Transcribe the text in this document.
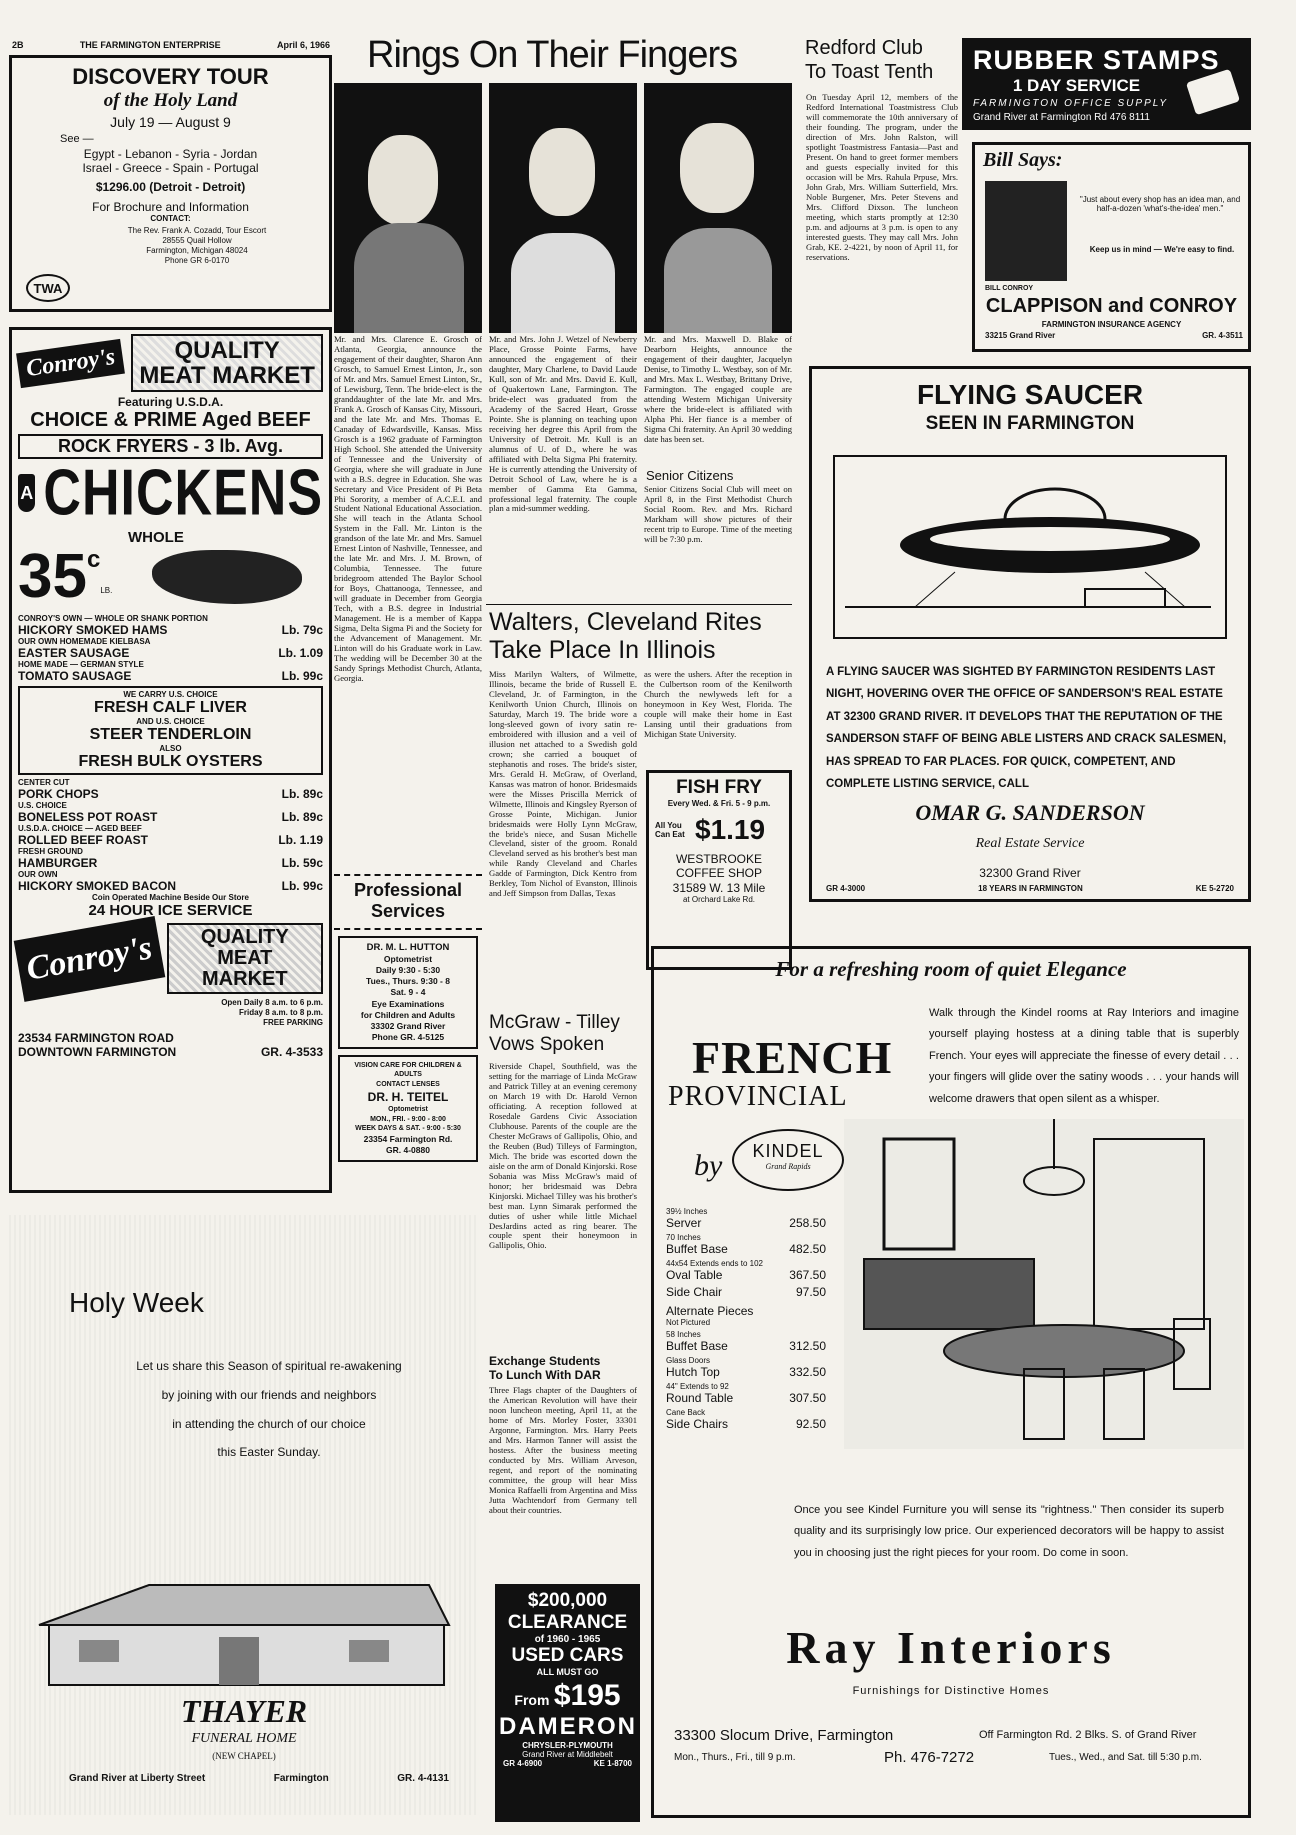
2B	THE FARMINGTON ENTERPRISE	April 6, 1966
DISCOVERY TOUR
of the Holy Land
July 19 — August 9
See —
Egypt - Lebanon - Syria - Jordan
Israel - Greece - Spain - Portugal
$1296.00 (Detroit - Detroit)
For Brochure and Information
CONTACT:
TWA
The Rev. Frank A. Cozadd, Tour Escort
28555 Quail Hollow
Farmington, Michigan 48024
Phone GR 6-0170
Conroy's	QUALITY
MEAT MARKET
Featuring U.S.D.A.
CHOICE & PRIME Aged BEEF
ROCK FRYERS - 3 lb. Avg.
A CHICKENS
WHOLE
35 c
LB.
CONROY'S OWN — WHOLE OR SHANK PORTION
HICKORY SMOKED HAMS	Lb. 79c
OUR OWN HOMEMADE KIELBASA
EASTER SAUSAGE	Lb. 1.09
HOME MADE — GERMAN STYLE
TOMATO SAUSAGE	Lb. 99c
WE CARRY U.S. CHOICE
FRESH CALF LIVER
AND U.S. CHOICE
STEER TENDERLOIN
ALSO
FRESH BULK OYSTERS
CENTER CUT
PORK CHOPS	Lb. 89c
U.S. CHOICE
BONELESS POT ROAST	Lb. 89c
U.S.D.A. CHOICE — AGED BEEF
ROLLED BEEF ROAST	Lb. 1.19
FRESH GROUND
HAMBURGER	Lb. 59c
OUR OWN
HICKORY SMOKED BACON	Lb. 99c
Coin Operated Machine Beside Our Store
24 HOUR ICE SERVICE
Conroy's	QUALITY
MEAT MARKET
Open Daily 8 a.m. to 6 p.m.
Friday 8 a.m. to 8 p.m.
FREE PARKING
23534 FARMINGTON ROAD
DOWNTOWN FARMINGTON	GR. 4-3533
Rings On Their Fingers
Mr. and Mrs. Clarence E. Grosch of Atlanta, Georgia, announce the engagement of their daughter, Sharon Ann Grosch, to Samuel Ernest Linton, Jr., son of Mr. and Mrs. Samuel Ernest Linton, Sr., of Lewisburg, Tenn. The bride-elect is the granddaughter of the late Mr. and Mrs. Frank A. Grosch of Kansas City, Missouri, and the late Mr. and Mrs. Thomas E. Canaday of Edwardsville, Kansas. Miss Grosch is a 1962 graduate of Farmington High School. She attended the University of Tennessee and the University of Georgia, where she will graduate in June with a B.S. degree in Education. She was Secretary and Vice President of Pi Beta Phi Sorority, a member of A.C.E.I. and Student National Educational Association. She will teach in the Atlanta School System in the Fall. Mr. Linton is the grandson of the late Mr. and Mrs. Samuel Ernest Linton of Nashville, Tennessee, and the late Mr. and Mrs. J. M. Brown, of Columbia, Tennessee. The future bridegroom attended The Baylor School for Boys, Chattanooga, Tennessee, and will graduate in December from Georgia Tech, with a B.S. degree in Industrial Management. He is a member of Kappa Sigma, Delta Sigma Pi and the Society for the Advancement of Management. Mr. Linton will do his Graduate work in Law. The wedding will be December 30 at the Sandy Springs Methodist Church, Atlanta, Georgia.
Mr. and Mrs. John J. Wetzel of Newberry Place, Grosse Pointe Farms, have announced the engagement of their daughter, Mary Charlene, to David Laude Kull, son of Mr. and Mrs. David E. Kull, of Quakertown Lane, Farmington. The bride-elect was graduated from the Academy of the Sacred Heart, Grosse Pointe. She is planning on teaching upon receiving her degree this April from the University of Detroit. Mr. Kull is an alumnus of U. of D., where he was affiliated with Delta Sigma Phi fraternity. He is currently attending the University of Detroit School of Law, where he is a member of Gamma Eta Gamma, professional legal fraternity. The couple plan a mid-summer wedding.
Mr. and Mrs. Maxwell D. Blake of Dearborn Heights, announce the engagement of their daughter, Jacquelyn Denise, to Timothy L. Westbay, son of Mr. and Mrs. Max L. Westbay, Brittany Drive, Farmington. The engaged couple are attending Western Michigan University where the bride-elect is affiliated with Alpha Phi. Her fiance is a member of Sigma Chi fraternity. An April 30 wedding date has been set.
Senior Citizens
Senior Citizens Social Club will meet on April 8, in the First Methodist Church Social Room. Rev. and Mrs. Richard Markham will show pictures of their recent trip to Europe. Time of the meeting will be 7:30 p.m.
Redford Club
To Toast Tenth
On Tuesday April 12, members of the Redford International Toastmistress Club will commemorate the 10th anniversary of their founding. The program, under the direction of Mrs. John Ralston, will spotlight Toastmistress Fantasia—Past and Present. On hand to greet former members and guests especially invited for this occasion will be Mrs. Rahula Prpuse, Mrs. John Grab, Mrs. William Sutterfield, Mrs. Noble Burgener, Mrs. Peter Stevens and Mrs. Clifford Dixson. The luncheon meeting, which starts promptly at 12:30 p.m. and adjourns at 3 p.m. is open to any interested guests. They may call Mrs. John Grab, KE. 2-4221, by noon of April 11, for reservations.
RUBBER STAMPS
1 DAY SERVICE
FARMINGTON OFFICE SUPPLY
Grand River at Farmington Rd 476 8111
Bill Says:
"Just about every shop has an idea man, and half-a-dozen 'what's-the-idea' men."
Keep us in mind — We're easy to find.
BILL CONROY
CLAPPISON and CONROY
FARMINGTON INSURANCE AGENCY
33215 Grand River	GR. 4-3511
FLYING SAUCER
SEEN IN FARMINGTON
A FLYING SAUCER WAS SIGHTED BY FARMINGTON RESIDENTS LAST NIGHT, HOVERING OVER THE OFFICE OF SANDERSON'S REAL ESTATE AT 32300 GRAND RIVER. IT DEVELOPS THAT THE REPUTATION OF THE SANDERSON STAFF OF BEING ABLE LISTERS AND CRACK SALESMEN, HAS SPREAD TO FAR PLACES. FOR QUICK, COMPETENT, AND COMPLETE LISTING SERVICE, CALL
OMAR G. SANDERSON
Real Estate Service
32300 Grand River
GR 4-3000	18 YEARS IN FARMINGTON	KE 5-2720
Walters, Cleveland Rites
Take Place In Illinois
Miss Marilyn Walters, of Wilmette, Illinois, became the bride of Russell E. Cleveland, Jr. of Farmington, in the Kenilworth Union Church, Illinois on Saturday, March 19. The bride wore a long-sleeved gown of ivory satin re-embroidered with illusion and a veil of illusion net attached to a Swedish gold crown; she carried a bouquet of stephanotis and roses. The bride's sister, Mrs. Gerald H. McGraw, of Overland, Kansas was matron of honor. Bridesmaids were the Misses Priscilla Merrick of Wilmette, Illinois and Kingsley Ryerson of Grosse Pointe, Michigan. Junior bridesmaids were Holly Lynn McGraw, the bride's niece, and Susan Michelle Cleveland, sister of the groom. Ronald Cleveland served as his brother's best man while Randy Cleveland and Charles Gadde of Farmington, Dick Kentro from Berkley, Tom Nichol of Evanston, Illinois and Jeff Simpson from Dallas, Texas
as were the ushers. After the reception in the Culbertson room of the Kenilworth Church the newlyweds left for a honeymoon in Key West, Florida. The couple will make their home in East Lansing until their graduations from Michigan State University.
FISH FRY
Every Wed. & Fri. 5 - 9 p.m.
All You Can Eat $1.19
WESTBROOKE
COFFEE SHOP
31589 W. 13 Mile
at Orchard Lake Rd.
Professional
Services
DR. M. L. HUTTON
Optometrist
Daily 9:30 - 5:30
Tues., Thurs. 9:30 - 8
Sat. 9 - 4
Eye Examinations
for Children and Adults
33302 Grand River
Phone GR. 4-5125
VISION CARE FOR CHILDREN & ADULTS
CONTACT LENSES
DR. H. TEITEL
Optometrist
MON., FRI. - 9:00 - 8:00
WEEK DAYS & SAT. - 9:00 - 5:30
23354 Farmington Rd.
GR. 4-0880
McGraw - Tilley
Vows Spoken
Riverside Chapel, Southfield, was the setting for the marriage of Linda McGraw and Patrick Tilley at an evening ceremony on March 19 with Dr. Harold Vernon officiating. A reception followed at Rosedale Gardens Civic Association Clubhouse. Parents of the couple are the Chester McGraws of Gallipolis, Ohio, and the Reuben (Bud) Tilleys of Farmington, Mich. The bride was escorted down the aisle on the arm of Donald Kinjorski. Rose Sobania was Miss McGraw's maid of honor; her bridesmaid was Debra Kinjorski. Michael Tilley was his brother's best man. Lynn Simarak performed the duties of usher while little Michael DesJardins acted as ring bearer. The couple spent their honeymoon in Gallipolis, Ohio.
Exchange Students
To Lunch With DAR
Three Flags chapter of the Daughters of the American Revolution will have their noon luncheon meeting, April 11, at the home of Mrs. Morley Foster, 33301 Argonne, Farmington. Mrs. Harry Peets and Mrs. Harmon Tanner will assist the hostess. After the business meeting conducted by Mrs. William Arveson, regent, and report of the nominating committee, the group will hear Miss Monica Raffaelli from Argentina and Miss Jutta Wachtendorf from Germany tell about their countries.
$200,000
CLEARANCE
of 1960 - 1965
USED CARS
ALL MUST GO
From $195
DAMERON
CHRYSLER-PLYMOUTH
Grand River at Middlebelt
GR 4-6900	KE 1-8700
Holy Week
Let us share this Season of spiritual re-awakening
by joining with our friends and neighbors
in attending the church of our choice
this Easter Sunday.
THAYER
FUNERAL HOME
(NEW CHAPEL)
Grand River at Liberty Street	Farmington	GR. 4-4131
For a refreshing room of quiet Elegance
Walk through the Kindel rooms at Ray Interiors and imagine yourself playing hostess at a dining table that is superbly French. Your eyes will appreciate the finesse of every detail . . . your fingers will glide over the satiny woods . . . your hands will welcome drawers that open silent as a whisper.
FRENCH
PROVINCIAL
by	KINDEL
Grand Rapids
39½ Inches
Server	258.50
70 Inches
Buffet Base	482.50
44x54 Extends ends to 102
Oval Table	367.50
Side Chair	97.50
Alternate Pieces
Not Pictured
58 Inches
Buffet Base	312.50
Glass Doors
Hutch Top	332.50
44" Extends to 92
Round Table	307.50
Cane Back
Side Chairs	92.50
Once you see Kindel Furniture you will sense its "rightness." Then consider its superb quality and its surprisingly low price. Our experienced decorators will be happy to assist you in choosing just the right pieces for your room. Do come in soon.
Ray Interiors
Furnishings for Distinctive Homes
33300 Slocum Drive, Farmington	Off Farmington Rd. 2 Blks. S. of Grand River
Mon., Thurs., Fri., till 9 p.m.	Ph. 476-7272	Tues., Wed., and Sat. till 5:30 p.m.
